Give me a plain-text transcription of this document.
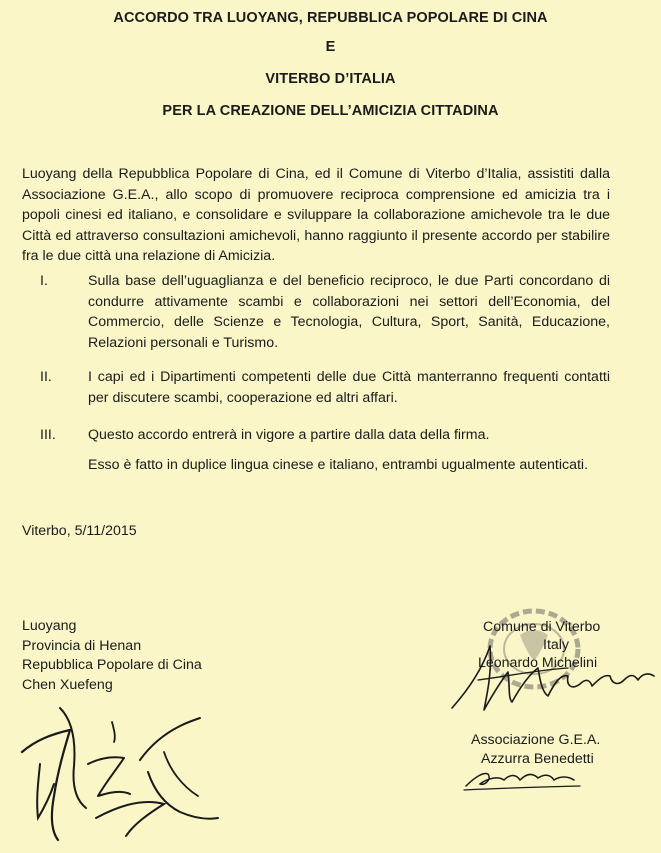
ACCORDO TRA LUOYANG, REPUBBLICA POPOLARE DI CINA
E
VITERBO D’ITALIA
PER LA CREAZIONE DELL’AMICIZIA CITTADINA
Luoyang della Repubblica Popolare di Cina, ed il Comune di Viterbo d’Italia, assistiti dalla Associazione G.E.A., allo scopo di promuovere reciproca comprensione ed amicizia tra i popoli cinesi ed italiano, e consolidare e sviluppare la collaborazione amichevole tra le due Città ed attraverso consultazioni amichevoli, hanno raggiunto il presente accordo per stabilire fra le due città una relazione di Amicizia.
I.	Sulla base dell’uguaglianza e del beneficio reciproco, le due Parti concordano di condurre attivamente scambi e collaborazioni nei settori dell’Economia, del Commercio, delle Scienze e Tecnologia, Cultura, Sport, Sanità, Educazione, Relazioni personali e Turismo.
II.	I capi ed i Dipartimenti competenti delle due Città manterranno frequenti contatti per discutere scambi, cooperazione ed altri affari.
III. Questo accordo entrerà in vigore a partire dalla data della firma.
Esso è fatto in duplice lingua cinese e italiano, entrambi ugualmente autenticati.
Viterbo, 5/11/2015
Luoyang
Provincia di Henan
Repubblica Popolare di Cina
Chen Xuefeng
Comune di Viterbo
Italy
Leonardo Michelini
Associazione G.E.A.
Azzurra Benedetti
